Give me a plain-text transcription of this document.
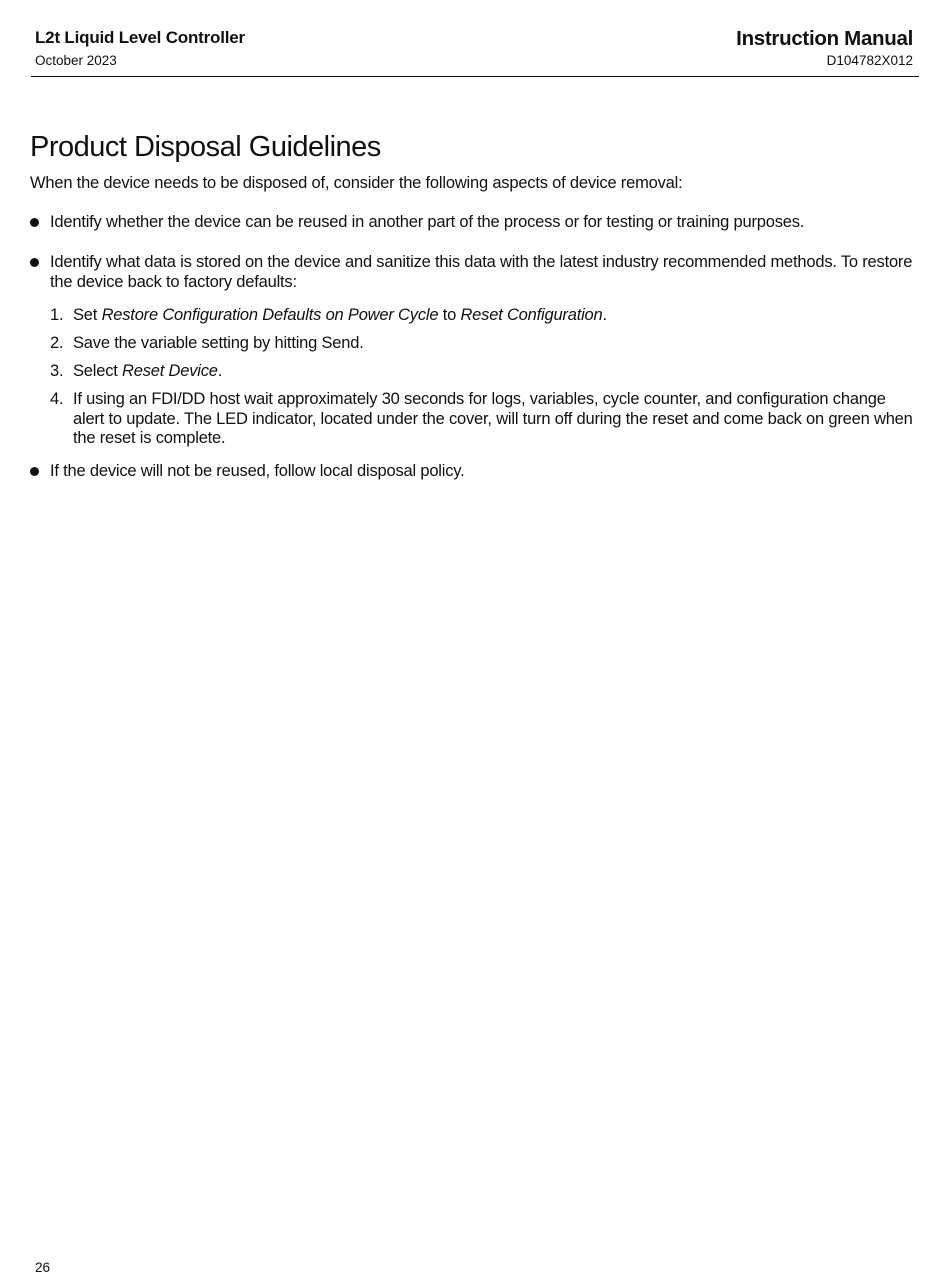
L2t Liquid Level Controller
October 2023
Instruction Manual
D104782X012
Product Disposal Guidelines

When the device needs to be disposed of, consider the following aspects of device removal:

Identify whether the device can be reused in another part of the process or for testing or training purposes.
Identify what data is stored on the device and sanitize this data with the latest industry recommended methods. To restore the device back to factory defaults:
1. Set Restore Configuration Defaults on Power Cycle to Reset Configuration.
2. Save the variable setting by hitting Send.
3. Select Reset Device.
4. If using an FDI/DD host wait approximately 30 seconds for logs, variables, cycle counter, and configuration change alert to update. The LED indicator, located under the cover, will turn off during the reset and come back on green when the reset is complete.
If the device will not be reused, follow local disposal policy.
26
